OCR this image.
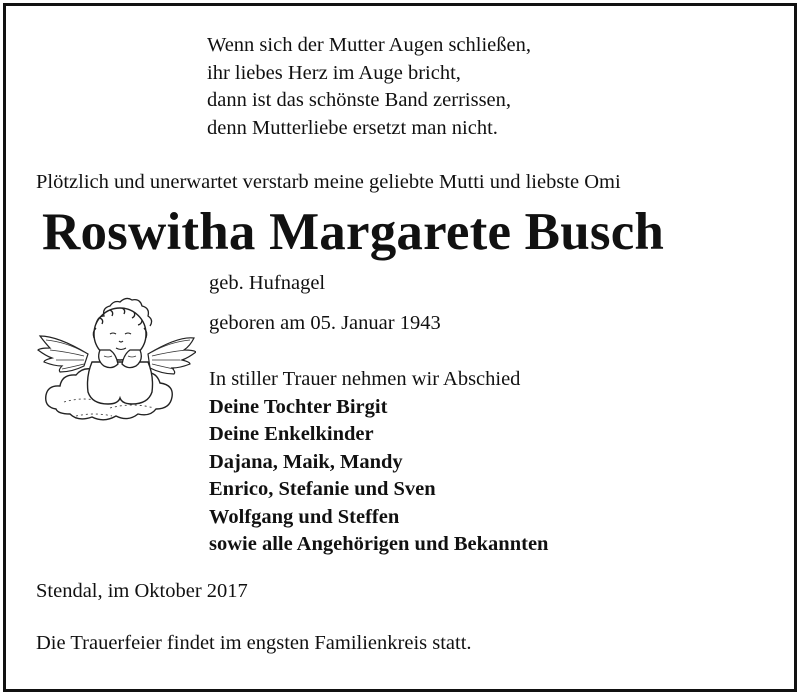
Wenn sich der Mutter Augen schließen,
ihr liebes Herz im Auge bricht,
dann ist das schönste Band zerrissen,
denn Mutterliebe ersetzt man nicht.
Plötzlich und unerwartet verstarb meine geliebte Mutti und liebste Omi
Roswitha Margarete Busch
geb. Hufnagel
geboren am 05. Januar 1943
In stiller Trauer nehmen wir Abschied
Deine Tochter Birgit
Deine Enkelkinder
Dajana, Maik, Mandy
Enrico, Stefanie und Sven
Wolfgang und Steffen
sowie alle Angehörigen und Bekannten
Stendal, im Oktober 2017
Die Trauerfeier findet im engsten Familienkreis statt.
